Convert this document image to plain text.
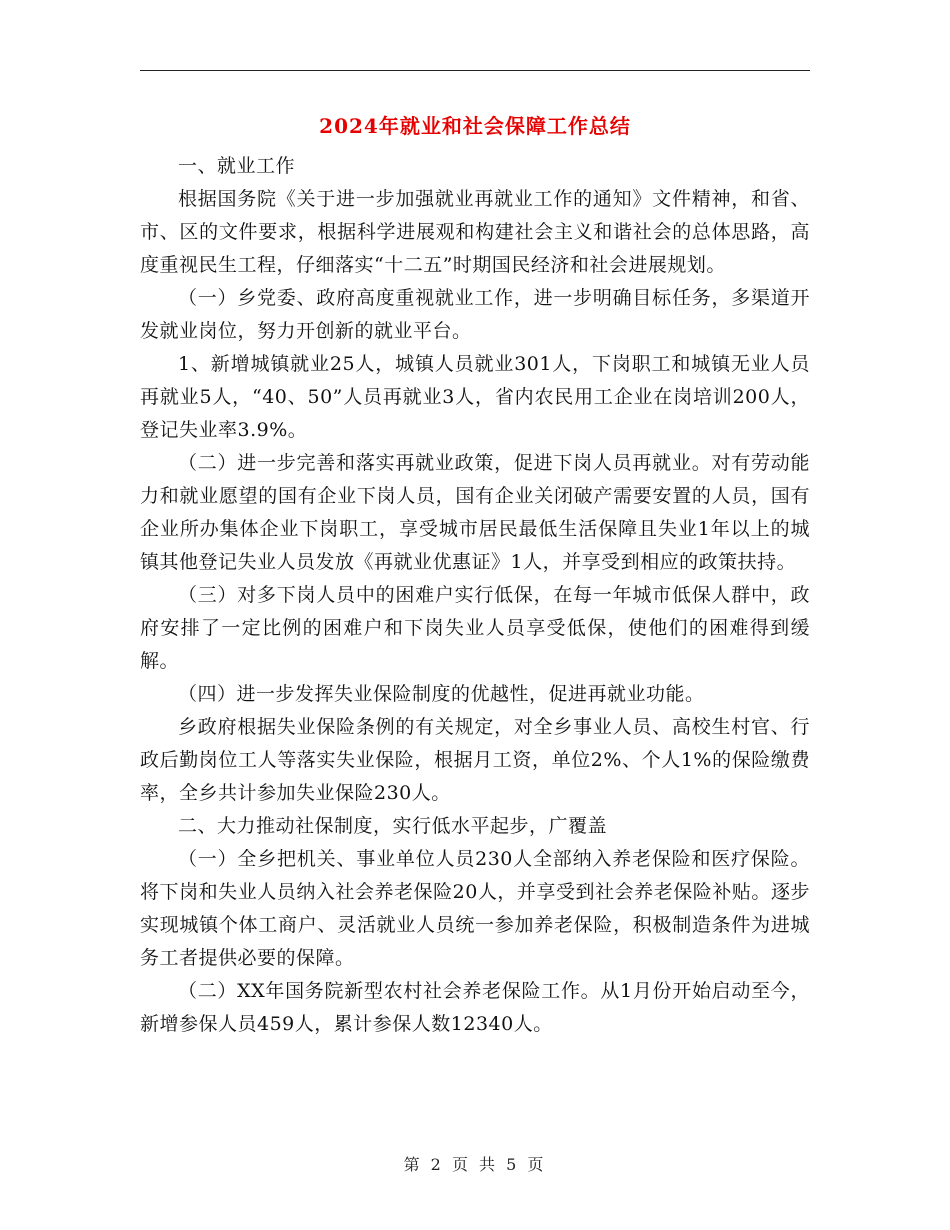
2024年就业和社会保障工作总结

一、就业工作

根据国务院《关于进一步加强就业再就业工作的通知》文件精神，和省、市、区的文件要求，根据科学进展观和构建社会主义和谐社会的总体思路，高度重视民生工程，仔细落实“十二五”时期国民经济和社会进展规划。

（一）乡党委、政府高度重视就业工作，进一步明确目标任务，多渠道开发就业岗位，努力开创新的就业平台。

1、新增城镇就业25人，城镇人员就业301人，下岗职工和城镇无业人员再就业5人，“40、50”人员再就业3人，省内农民用工企业在岗培训200人，登记失业率3.9%。

（二）进一步完善和落实再就业政策，促进下岗人员再就业。对有劳动能力和就业愿望的国有企业下岗人员，国有企业关闭破产需要安置的人员，国有企业所办集体企业下岗职工，享受城市居民最低生活保障且失业1年以上的城镇其他登记失业人员发放《再就业优惠证》1人，并享受到相应的政策扶持。

（三）对多下岗人员中的困难户实行低保，在每一年城市低保人群中，政府安排了一定比例的困难户和下岗失业人员享受低保，使他们的困难得到缓解。

（四）进一步发挥失业保险制度的优越性，促进再就业功能。

乡政府根据失业保险条例的有关规定，对全乡事业人员、高校生村官、行政后勤岗位工人等落实失业保险，根据月工资，单位2%、个人1%的保险缴费率，全乡共计参加失业保险230人。

二、大力推动社保制度，实行低水平起步，广覆盖

（一）全乡把机关、事业单位人员230人全部纳入养老保险和医疗保险。将下岗和失业人员纳入社会养老保险20人，并享受到社会养老保险补贴。逐步实现城镇个体工商户、灵活就业人员统一参加养老保险，积极制造条件为进城务工者提供必要的保障。

（二）XX年国务院新型农村社会养老保险工作。从1月份开始启动至今，新增参保人员459人，累计参保人数12340人。

第 2 页 共 5 页
